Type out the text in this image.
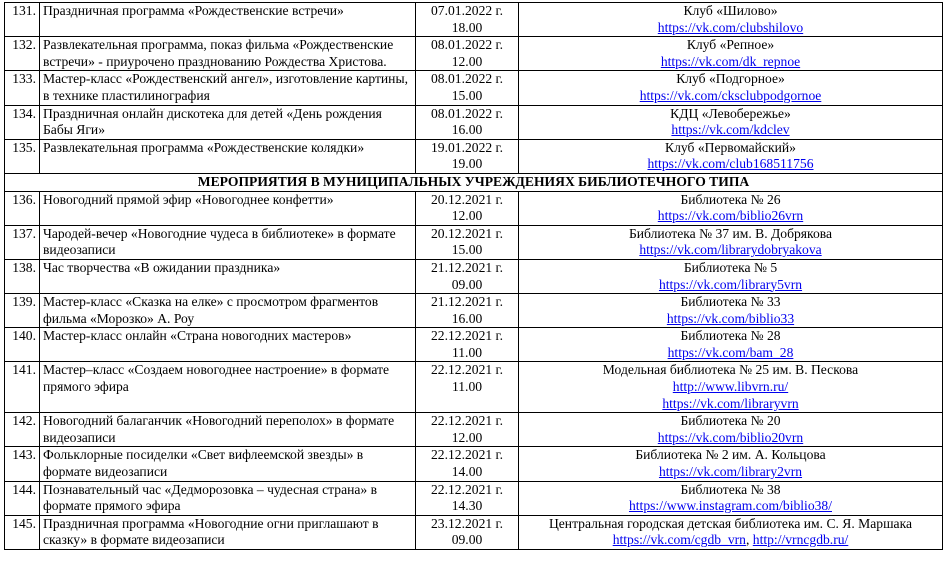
131.	Праздничная программа «Рождественские встречи»	07.01.2022 г.
18.00	Клуб «Шилово»
https://vk.com/clubshilovo

132.	Развлекательная программа, показ фильма «Рождественские встречи» - приурочено празднованию Рождества Христова.	08.01.2022 г.
12.00	Клуб «Репное»
https://vk.com/dk_repnoe

133.	Мастер-класс «Рождественский ангел», изготовление картины, в технике пластилинография	08.01.2022 г.
15.00	Клуб «Подгорное»
https://vk.com/cksclubpodgornoe

134.	Праздничная онлайн дискотека для детей «День рождения Бабы Яги»	08.01.2022 г.
16.00	КДЦ «Левобережье»
https://vk.com/kdclev

135.	Развлекательная программа «Рождественские колядки»	19.01.2022 г.
19.00	Клуб «Первомайский»
https://vk.com/club168511756

МЕРОПРИЯТИЯ В МУНИЦИПАЛЬНЫХ УЧРЕЖДЕНИЯХ БИБЛИОТЕЧНОГО ТИПА			
136.	Новогодний прямой эфир «Новогоднее конфетти»	20.12.2021 г.
12.00	Библиотека № 26
https://vk.com/biblio26vrn

137.	Чародей-вечер «Новогодние чудеса в библиотеке» в формате видеозаписи	20.12.2021 г.
15.00	Библиотека № 37 им. В. Добрякова
https://vk.com/librarydobryakova

138.	Час творчества «В ожидании праздника»	21.12.2021 г.
09.00	Библиотека № 5
https://vk.com/library5vrn

139.	Мастер-класс «Сказка на елке» с просмотром фрагментов фильма «Морозко» А. Роу	21.12.2021 г.
16.00	Библиотека № 33
https://vk.com/biblio33

140.	Мастер-класс онлайн «Страна новогодних мастеров»	22.12.2021 г.
11.00	Библиотека № 28
https://vk.com/bam_28

141.	Мастер–класс «Создаем новогоднее настроение» в формате прямого эфира	22.12.2021 г.
11.00	Модельная библиотека № 25 им. В. Пескова
http://www.libvrn.ru/
https://vk.com/libraryvrn

142.	Новогодний балаганчик «Новогодний переполох» в формате видеозаписи	22.12.2021 г.
12.00	Библиотека № 20
https://vk.com/biblio20vrn

143.	Фольклорные посиделки «Свет вифлеемской звезды» в формате видеозаписи	22.12.2021 г.
14.00	Библиотека № 2 им. А. Кольцова
https://vk.com/library2vrn

144.	Познавательный час «Дедморозовка – чудесная страна» в формате прямого эфира	22.12.2021 г.
14.30	Библиотека № 38
https://www.instagram.com/biblio38/

145.	Праздничная программа «Новогодние огни приглашают в сказку» в формате видеозаписи	23.12.2021 г.
09.00	Центральная городская детская библиотека им. С. Я. Маршака
https://vk.com/cgdb_vrn, http://vrncgdb.ru/
